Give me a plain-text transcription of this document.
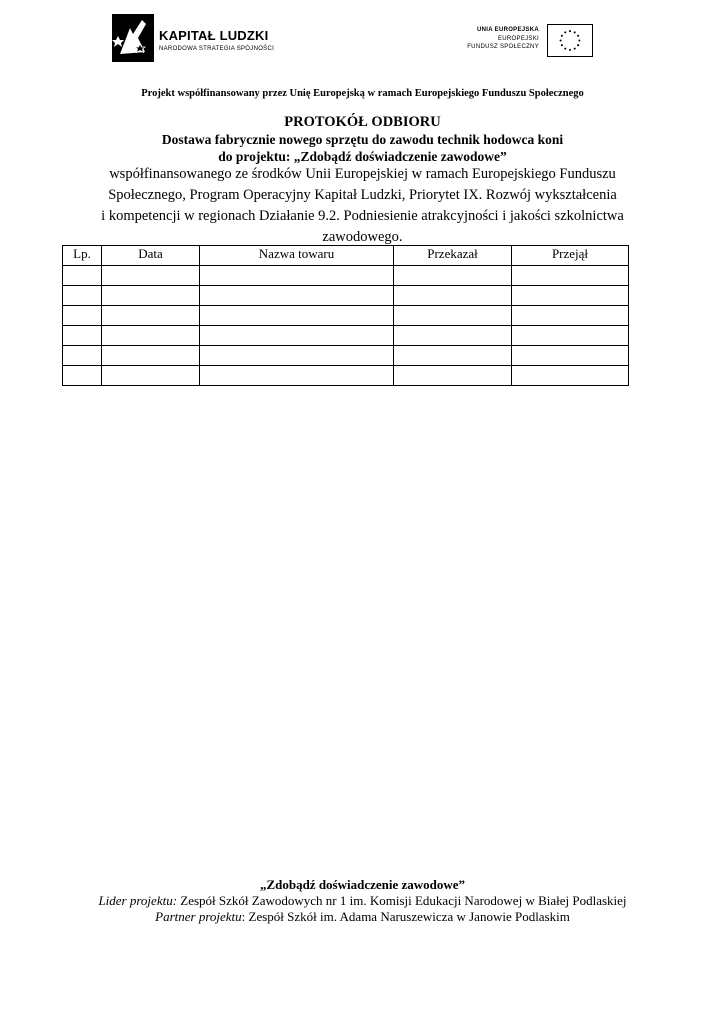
KAPITAŁ LUDZKI
NARODOWA STRATEGIA SPÓJNOŚCI
UNIA EUROPEJSKA
EUROPEJSKI
FUNDUSZ SPOŁECZNY
Projekt współfinansowany przez Unię Europejską w ramach Europejskiego Funduszu Społecznego
PROTOKÓŁ ODBIORU
Dostawa fabrycznie nowego sprzętu do zawodu technik hodowca koni
do projektu: „Zdobądź doświadczenie zawodowe”
współfinansowanego ze środków Unii Europejskiej w ramach Europejskiego Funduszu
Społecznego, Program Operacyjny Kapitał Ludzki, Priorytet IX. Rozwój wykształcenia
i kompetencji w regionach Działanie 9.2. Podniesienie atrakcyjności i jakości szkolnictwa
zawodowego.
Lp.	Data	Nazwa towaru	Przekazał	Przejął

„Zdobądź doświadczenie zawodowe”
Lider projektu: Zespół Szkół Zawodowych nr 1 im. Komisji Edukacji Narodowej w Białej Podlaskiej
Partner projektu: Zespół Szkół im. Adama Naruszewicza w Janowie Podlaskim
